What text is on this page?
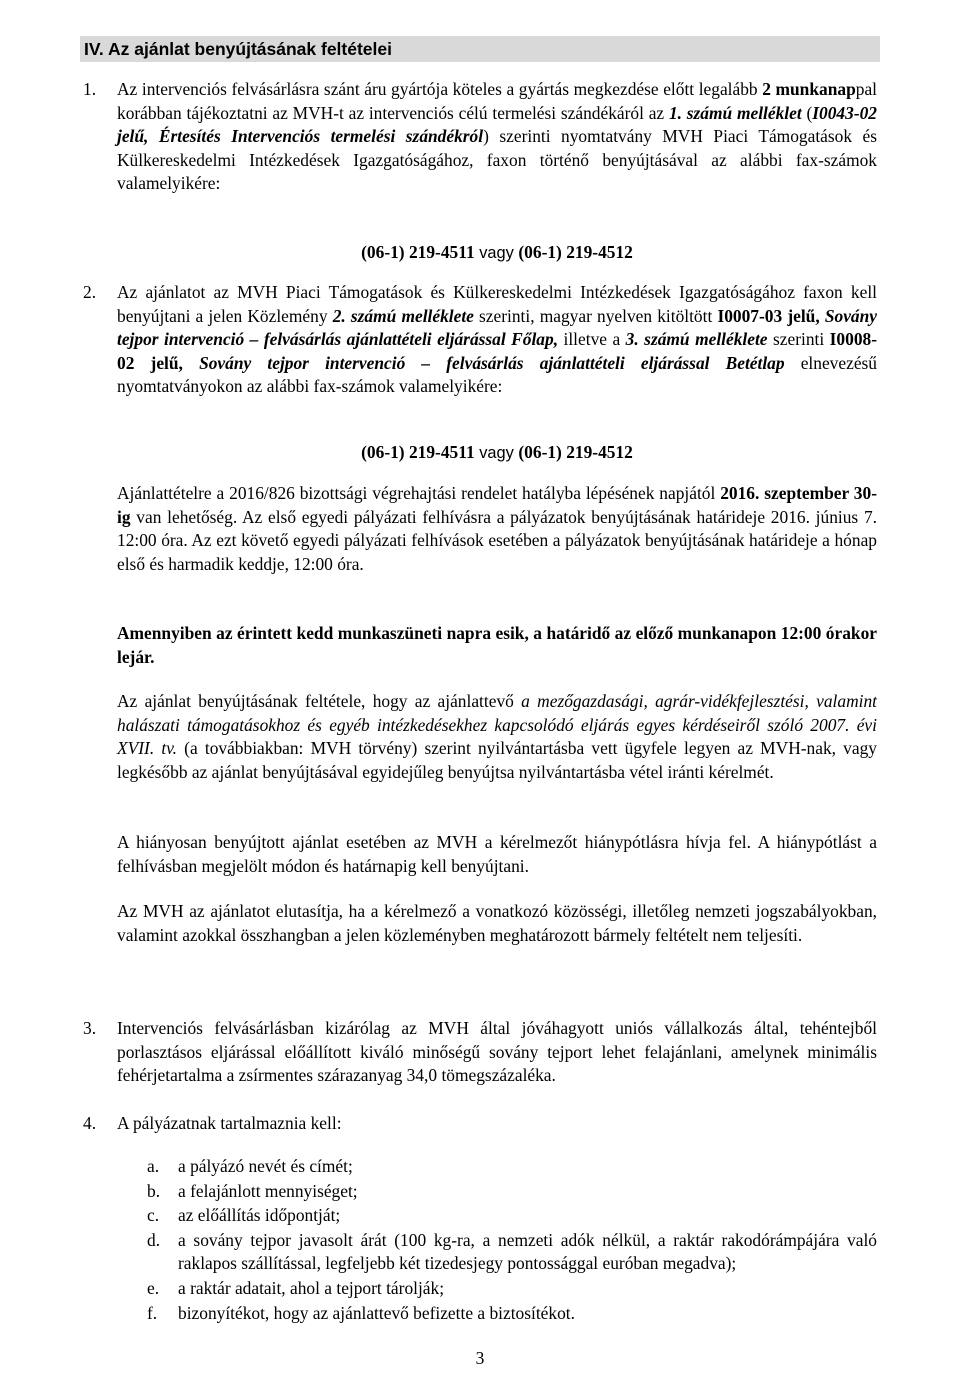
IV. Az ajánlat benyújtásának feltételei
1. Az intervenciós felvásárlásra szánt áru gyártója köteles a gyártás megkezdése előtt legalább 2 munkanappal korábban tájékoztatni az MVH-t az intervenciós célú termelési szándékáról az 1. számú melléklet (I0043-02 jelű, Értesítés Intervenciós termelési szándékról) szerinti nyomtatvány MVH Piaci Támogatások és Külkereskedelmi Intézkedések Igazgatóságához, faxon történő benyújtásával az alábbi fax-számok valamelyikére:
(06-1) 219-4511 vagy (06-1) 219-4512
2. Az ajánlatot az MVH Piaci Támogatások és Külkereskedelmi Intézkedések Igazgatóságához faxon kell benyújtani a jelen Közlemény 2. számú melléklete szerinti, magyar nyelven kitöltött I0007-03 jelű, Sovány tejpor intervenció – felvásárlás ajánlattételi eljárással Főlap, illetve a 3. számú melléklete szerinti I0008-02 jelű, Sovány tejpor intervenció – felvásárlás ajánlattételi eljárással Betétlap elnevezésű nyomtatványokon az alábbi fax-számok valamelyikére:
(06-1) 219-4511 vagy (06-1) 219-4512
Ajánlattételre a 2016/826 bizottsági végrehajtási rendelet hatályba lépésének napjától 2016. szeptember 30-ig van lehetőség. Az első egyedi pályázati felhívásra a pályázatok benyújtásának határideje 2016. június 7. 12:00 óra. Az ezt követő egyedi pályázati felhívások esetében a pályázatok benyújtásának határideje a hónap első és harmadik keddje, 12:00 óra.
Amennyiben az érintett kedd munkaszüneti napra esik, a határidő az előző munkanapon 12:00 órakor lejár.
Az ajánlat benyújtásának feltétele, hogy az ajánlattevő a mezőgazdasági, agrár-vidékfejlesztési, valamint halászati támogatásokhoz és egyéb intézkedésekhez kapcsolódó eljárás egyes kérdéseiről szóló 2007. évi XVII. tv. (a továbbiakban: MVH törvény) szerint nyilvántartásba vett ügyfele legyen az MVH-nak, vagy legkésőbb az ajánlat benyújtásával egyidejűleg benyújtsa nyilvántartásba vétel iránti kérelmét.
A hiányosan benyújtott ajánlat esetében az MVH a kérelmezőt hiánypótlásra hívja fel. A hiánypótlást a felhívásban megjelölt módon és határnapig kell benyújtani.
Az MVH az ajánlatot elutasítja, ha a kérelmező a vonatkozó közösségi, illetőleg nemzeti jogszabályokban, valamint azokkal összhangban a jelen közleményben meghatározott bármely feltételt nem teljesíti.
3. Intervenciós felvásárlásban kizárólag az MVH által jóváhagyott uniós vállalkozás által, tehéntejből porlasztásos eljárással előállított kiváló minőségű sovány tejport lehet felajánlani, amelynek minimális fehérjetartalma a zsírmentes szárazanyag 34,0 tömegszázaléka.
4. A pályázatnak tartalmaznia kell:
a. a pályázó nevét és címét;
b. a felajánlott mennyiséget;
c. az előállítás időpontját;
d. a sovány tejpor javasolt árát (100 kg-ra, a nemzeti adók nélkül, a raktár rakodórámpájára való raklapos szállítással, legfeljebb két tizedesjegy pontossággal euróban megadva);
e. a raktár adatait, ahol a tejport tárolják;
f. bizonyítékot, hogy az ajánlattevő befizette a biztosítékot.
3
